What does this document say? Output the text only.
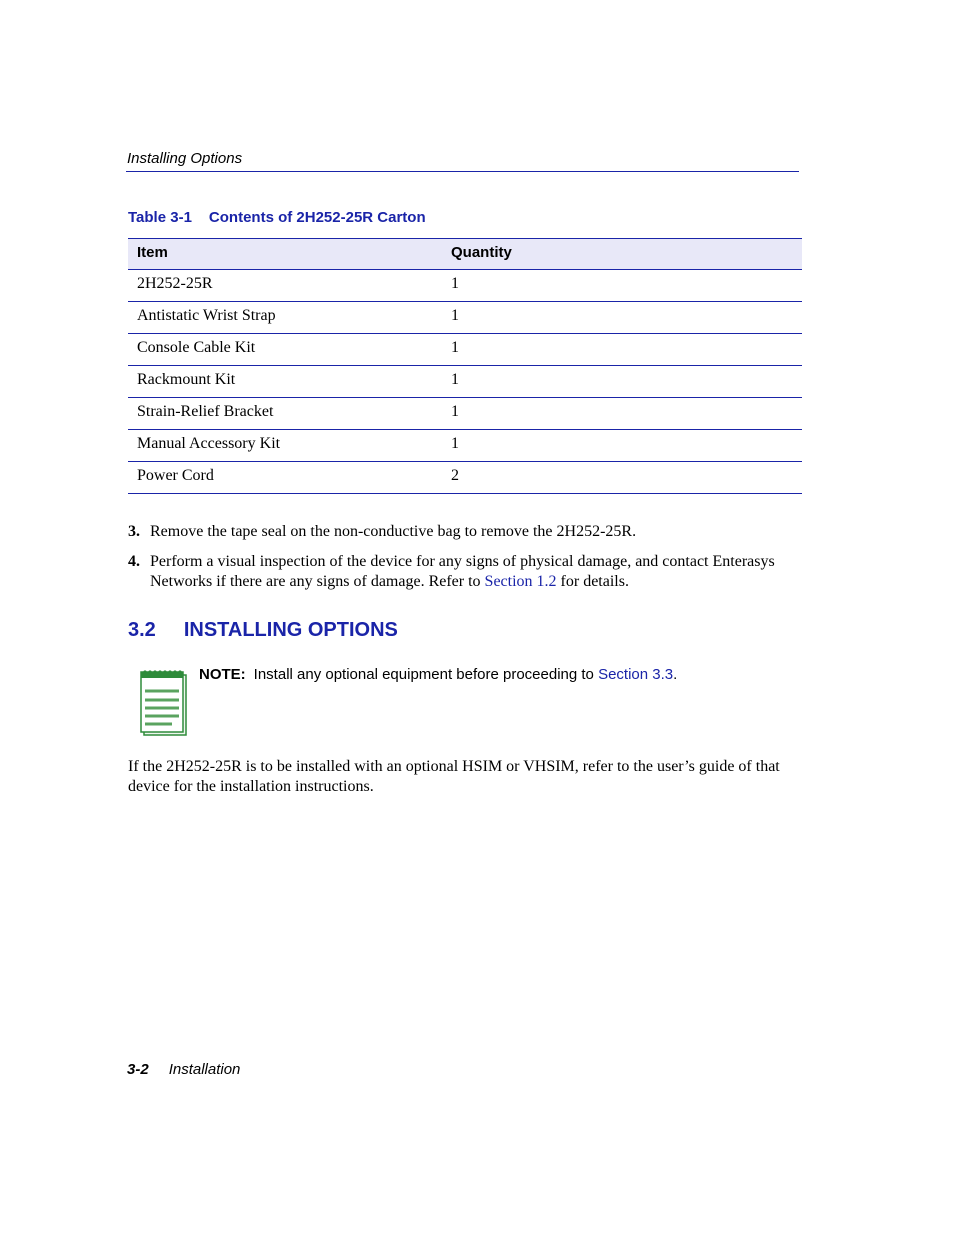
Installing Options
Table 3-1 Contents of 2H252-25R Carton
Item	Quantity
2H252-25R	1
Antistatic Wrist Strap	1
Console Cable Kit	1
Rackmount Kit	1
Strain-Relief Bracket	1
Manual Accessory Kit	1
Power Cord	2
3. Remove the tape seal on the non-conductive bag to remove the 2H252-25R.
4. Perform a visual inspection of the device for any signs of physical damage, and contact Enterasys Networks if there are any signs of damage. Refer to Section 1.2 for details.
3.2 INSTALLING OPTIONS
NOTE: Install any optional equipment before proceeding to Section 3.3.
If the 2H252-25R is to be installed with an optional HSIM or VHSIM, refer to the user’s guide of that device for the installation instructions.
3-2 Installation
